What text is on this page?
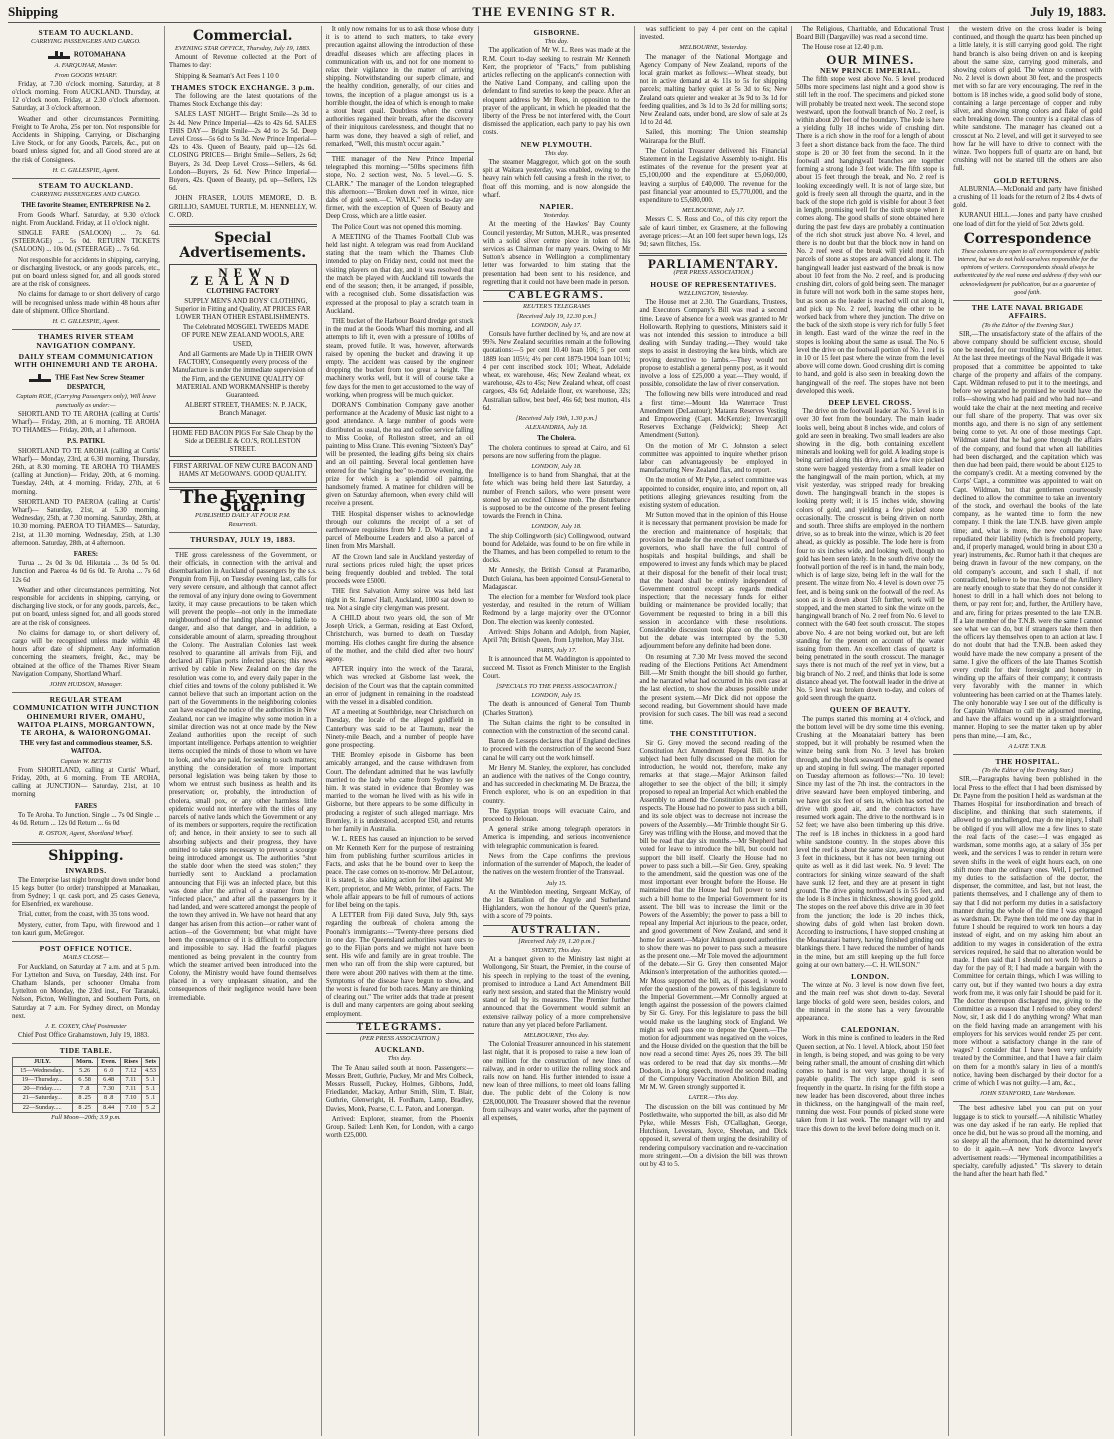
Shipping	THE EVENING ST R.	July 19, 1883.
STEAM TO AUCKLAND.
CARRYING PASSENGERS AND CARGO.
ROTOMAHANA
A. FARQUHAR, Master.
From GOODS WHARF.

Friday, at 7.30 o'clock morning. Saturday, at 8 o'clock morning. From AUCKLAND. Thursday, at 12 o'clock noon. Friday, at 2.30 o'clock afternoon. Saturday, at 3 o'clock afternoon.

Weather and other circumstances Permitting. Freight to Te Aroha, 25s per ton. Not responsible for Accidents in Shipping, Carrying, or Discharging Live Stock, or for any Goods, Parcels, &c., put on board unless signed for, and all Good stored are at the risk of Consignees.

H. C. GILLESPIE, Agent.
STEAM TO AUCKLAND.
CARRYING PASSENGERS AND CARGO.
THE favorite Steamer, ENTERPRISE No 2.

From Goods Wharf. Saturday, at 9.30 o'clock night. From Auckland. Friday, at 11 o'clock night.

SINGLE FARE (SALOON) ... 7s 6d. (STEERAGE) ... 5s 0d. RETURN TICKETS (SALOON) ... 10s 0d. (STEERAGE) ... 7s 6d.

Not responsible for accidents in shipping, carrying, or discharging livestock, or any goods parcels, etc., put on board unless signed for, and all goods stored are at the risk of consignees.

No claims for damage to or short delivery of cargo will be recognised unless made within 48 hours after date of shipment. Office Shortland.

H. C. GILLESPIE, Agent.
THAMES RIVER STEAM NAVIGATION COMPANY.
DAILY STEAM COMMUNICATION WITH OHINEMURI AND TE AROHA.
THE Fast New Screw Steamer DESPATCH,
Captain ROE, (Carrying Passengers only), Will leave punctually as under:—

SHORTLAND TO TE AROHA (calling at Curtis' Wharf)— Friday, 20th, at 6 morning. TE AROHA TO THAMES— Friday, 20th, at 1 afternoon.

P.S. PATIKI.

SHORTLAND TO TE AROHA (calling at Curtis' Wharf)— Monday, 23rd, at 6.30 morning. Thursday, 26th, at 8.30 morning. TE AROHA TO THAMES (calling at Junction)— Friday, 20th, at 6 morning. Tuesday, 24th, at 4 morning. Friday, 27th, at 6 morning.

SHORTLAND TO PAEROA (calling at Curtis' Wharf)— Saturday, 21st, at 5.30 morning. Wednesday, 25th, at 7.30 morning. Saturday, 28th, at 10.30 morning. PAEROA TO THAMES— Saturday, 21st, at 11.30 morning. Wednesday, 25th, at 1.30 afternoon. Saturday, 28th, at 4 afternoon.

FARES:

Turua ... 2s 0d 3s 0d. Hikutaia ... 3s 0d 5s 0d. Junction and Paeroa 4s 0d 6s 0d. Te Aroha ... 7s 6d 12s 6d

Weather and other circumstances permitting. Not responsible for accidents in shipping, carrying, or discharging live stock, or for any goods, parcels, &c., put on board, unless signed for, and all goods stored are at the risk of consignees.

No claims for damage to, or short delivery of, cargo will be recognised unless made within 48 hours after date of shipment. Any information concerning the steamers, freight, &c., may be obtained at the office of the Thames River Steam Navigation Company, Shortland Wharf.

JOHN HUDSON, Manager.
REGULAR STEAM COMMUNICATION WITH JUNCTION OHINEMURI RIVER, OMAHU, WAITOA PLAINS, MORGANTOWN, TE AROHA, & WAIORONGOMAI.
THE very fast and commodious steamer, S.S. WAITOA.
Captain W. BETTIS

From SHORTLAND, calling at Curtis' Wharf, Friday, 20th, at 6 morning. From TE AROHA, calling at JUNCTION— Saturday, 21st, at 10 morning

FARES

To Te Aroha. To Junction. Single ... 7s 0d Single ... 4s 0d. Return ... 12s 0d Return ... 6s 0d

R. OSTON, Agent, Shortland Wharf.
Shipping.
INWARDS.

The Enterprise last night brought down under bond 15 kegs butter (to order) transhipped at Manaakau, from Sydney; 1 qr. cask port, and 25 cases Geneva, for Elsenfried, ex warehouse.

Trial, cutter, from the coast, with 35 tons wood.

Mystery, cutter, from Tapu, with firewood and 1 ton kauri gum, McGregor.

POST OFFICE NOTICE.
MAILS CLOSE—

For Auckland, on Saturday at 7 a.m. and at 5 p.m. For Lyttelton and Suva, on Tuesday, 24th inst. For Chatham Islands, per schooner Omaha from Lyttelton on Monday, the 23rd inst., For Taranaki, Nelson, Picton, Wellington, and Southern Ports, on Saturday at 7 a.m. For Sydney direct, on Monday next.

J. E. COXEY, Chief Postmaster

Chief Post Office Grahamstown, July 19, 1883.

TIDE TABLE.
JULY.	Morn.	Even.	Rises	Sets
15—Wednesday..	5.26	6 .0	7.12	4.53
19—Thursday...	6 .58	6.48	7.11	5 .1
20—Friday......	7 .8	7.30	7.11	5 .1
21—Saturday...	8 .25	8 .8	7.10	5 .1
22—Sunday.....	8 .25	8.44	7.10	5 .2
Full Moon—20th; 3.9 p.m.
Commercial.
EVENING STAR OFFICE, Thursday, July 19, 1883.

Amount of Revenue collected at the Port of Thames to day:

Shipping & Seaman's Act Fees 1 10 0

THAMES STOCK EXCHANGE. 3 p.m.

The following are the latest quotations of the Thames Stock Exchange this day:

SALES LAST NIGHT— Bright Smile—2s 3d to 2s 4d. New Prince Imperial—42s to 42s 6d. SALES THIS DAY— Bright Smile—2s 4d to 2s 5d. Deep Level Cross—5s 6d to 5s 3d. New Prince Imperial—42s to 43s. Queen of Beauty, paid up—12s 6d. CLOSING PRICES— Bright Smile—Sellers, 2s 6d; Buyers, 2s 3d. Deep Level Cross—Sellers, 4s 6d. London—Buyers, 2s 6d. New Prince Imperial—Buyers, 42s. Queen of Beauty, pd. up—Sellers, 12s 6d.

JOHN FRASER, LOUIS MEMORE, D. B. GRILLIO, SAMUEL TURTLE, M. HENNELLY, W. C. ORD.

Special Advertisements.
NEW ZEALAND
CLOTHING FACTORY

SUPPLY MEN'S AND BOYS' CLOTHING, Superior in Fitting and Quality, AT PRICES FAR LOWER THAN OTHER ESTABLISHMENTS.

The Celebrated MOSGIEL TWEEDS MADE OF PURE NEW ZEALAND WOOLS, ARE USED,

And all Garments are Made Up in THEIR OWN FACTORY, Consequently every process of the Manufacture is under the immediate supervision of the Firm, and the GENUINE QUALITY OF MATERIAL AND WORKMANSHIP is thereby Guaranteed.

ALBERT STREET, THAMES: N. P. JACK, Branch Manager.

HOME FED BACON PIGS For Sale Cheap by the Side at DEEBLE & CO.'S, ROLLESTON STREET.
FIRST ARRIVAL OF NEW CURE BACON AND HAMS AT McGOWAN'S. GOOD QUALITY.
The Evening Star.
PUBLISHED DAILY AT FOUR P.M.
Resurrexit.
THURSDAY, JULY 19, 1883.

THE gross carelessness of the Government, or their officials, in connection with the arrival and disembarkation in Auckland of passengers by the s.s. Penguin from Fiji, on Tuesday evening last, calls for very severe censure, and although that cannot affect the removal of any injury done owing to Government laxity, it may cause precautions to be taken which will prevent the people—not only in the immediate neighbourhood of the landing place—being liable to danger, and also that danger, and in addition, a considerable amount of alarm, spreading throughout the Colony. The Australian Colonies last week resolved to quarantine all arrivals from Fiji, and declared all Fijian ports infected places; this news arrived by cable in New Zealand on the day the resolution was come to, and every daily paper in the chief cities and towns of the colony published it. We cannot believe that such an important action on the part of the Governments in the neighboring colonies can have escaped the notice of the authorities in New Zealand, nor can we imagine why some motion in a similar direction was not at once made by the New Zealand authorities upon the receipt of such important intelligence. Perhaps attention to weightier items occupied the minds of those to whom we have to look, and who are paid, for seeing to such matters; anything the consideration of more important personal legislation was being taken by those to whom we entrust such business as health and its preservation; or, probably, the introduction of cholera, small pox, or any other harmless little epidemic would not interfere with the titles of any parcels of native lands which the Government or any of its members or supporters, require the rectification of; and hence, in their anxiety to see to such all absorbing subjects and their progress, they have omitted to take steps necessary to prevent a scourge being introduced amongst us. The authorities "shut the stable door when the steed was stolen;" they hurriedly sent to Auckland a proclamation announcing that Fiji was an infected place, but this was done after the arrival of a steamer from the "infected place," and after all the passengers by it had landed, and were scattered amongst the people of the town they arrived in. We have not heard that any danger has arisen from this action—or rather want of action—of the Government; but what might have been the consequence of it is difficult to conjecture and impossible to say. Had the fearful plagues mentioned as being prevalent in the country from which the steamer arrived been introduced into the Colony, the Ministry would have found themselves placed in a very unpleasant situation, and the consequences of their negligence would have been irremediable.

It only now remains for us to ask those whose duty it is to attend to such matters, to take every precaution against allowing the introduction of these dreadful diseases which are affecting places in communication with us, and not for one moment to relax their vigilance in the matter of arriving shipping. Notwithstanding our superb climate, and the healthy condition, generally, of our cities and towns, the inception of a plague amongst us is a horrible thought, the idea of which is enough to make a stout heart quail. Doubtless when the central authorities regained their breath, after the discovery of their iniquitous carelessness, and thought that no harm was done, they heaved a sigh of relief, and remarked, "Well, this mustn't occur again."

THE manager of the New Prince Imperial telegraphed this morning:—"50lbs specimens fifth stope, No. 2 section west, No. 5 level.—G. S. CLARK." The manager of the London telegraphed this afternoon:—"Broken down reef in winze, nice dabs of gold seen.—C. WALK." Stocks to-day are firmer, with the exception of Queen of Beauty and Deep Cross, which are a little easier.

The Police Court was not opened this morning.

A MEETING of the Thames Football Club was held last night. A telegram was read from Auckland stating that the team which the Thames Club intended to play on Friday next, could not meet the visiting players on that day, and it was resolved that the match be played with Auckland till towards the end of the season; then, it be arranged, if possible, with a recognised club. Some dissatisfaction was expressed at the proposal to play a scratch team in Auckland.

THE bucket of the Harbour Board dredge got stuck in the mud at the Goods Wharf this morning, and all attempts to lift it, even with a pressure of 100lbs of steam, proved futile. It was, however, afterwards raised by opening the bucket and drawing it up empty. The accident was caused by the engineer dropping the bucket from too great a height. The machinery works well, but it will of course take a few days for the men to get accustomed to the way of working, when progress will be much quicker.

DORAN'S Combination Company gave another performance at the Academy of Music last night to a good attendance. A large number of goods were distributed as usual, the tea and coffee service falling to Miss Cooke, of Rolleston street, and an oil painting to Miss Crane. This evening "Sixteen's Day" will be presented, the leading gifts being six chairs and an oil painting. Several local gentlemen have entered for the "singing bee" to-morrow evening, the prize for which is a splendid oil painting, handsomely framed. A matinee for children will be given on Saturday afternoon, when every child will receive a present.

THE Hospital dispenser wishes to acknowledge through our columns the receipt of a set of earthenware requisites from Mr J. D. Walker, and a parcel of Melbourne Leaders and also a parcel of linen from Mrs Marshall.

AT the Crown land sale in Auckland yesterday of rural sections prices ruled high; the upset prices being frequently doubled and trebled. The total proceeds were £5000.

THE first Salvation Army soiree was held last night in St. James' Hall, Auckland, 1000 sat down to tea. Not a single city clergyman was present.

A CHILD about two years old, the son of Mr Joseph Urick, a German, residing at East Oxford, Christchurch, was burned to death on Tuesday morning. His clothes caught fire during the absence of the mother, and the child died after two hours' agony.

AFTER inquiry into the wreck of the Tararai, which was wrecked at Gisborne last week, the decision of the Court was that the captain committed an error of judgment in remaining in the roadstead with the vessel in a disabled condition.

AT a meeting at Southbridge, near Christchurch on Tuesday, the locale of the alleged goldfield in Canterbury was said to be at Taumutu, near the Ninety-mile Beach, and a number of people have gone prospecting.

THE Bromley episode in Gisborne has been amicably arranged, and the cause withdrawn from Court. The defendant admitted that he was lawfully married to the lady who came from Sydney to see him. It was stated in evidence that Bromley was married to the woman he lived with as his wife in Gisborne, but there appears to be some difficulty in producing a register of such alleged marriage. Mrs Bromley, it is understood, accepted £50, and returns to her family in Australia.

W. L. REES has caused an injunction to be served on Mr Kenneth Kerr for the purpose of restraining him from publishing further scurrilous articles in Facts, and asks that he be bound over to keep the peace. The case comes on to-morrow. Mr DeLautour, it is stated, is also taking action for libel against Mr Kerr, proprietor, and Mr Webb, printer, of Facts. The whole affair appears to be full of rumours of actions for libel being on the tapis.

A LETTER from Fiji dated Suva, July 9th, says regarding the outbreak of cholera among the Poonah's immigrants:—"Twenty-three persons died in one day. The Queensland authorities want ours to go to the Fijian ports and we might not have been sent. His wife and family are in great trouble. The men who ran off from the ship were captured, but there were about 200 natives with them at the time. Symptoms of the disease have begun to show, and the worst is feared for both races. Many are thinking of clearing out." The writer adds that trade at present is dull and many carpenters are going about seeking employment.

TELEGRAMS.
(PER PRESS ASSOCIATION.)
AUCKLAND.
This day.

The Te Anau sailed south at noon. Passengers:—Messrs Brett, Guthrie, Puckey, Mr and Mrs Colbeck, Messrs Russell, Puckey, Holmes, Gibbons, Judd, Friedlander, Mackay, Arthur Smith, Slim, T. Blair, Guthrie, Glenwright, H. Fordham, Lamp, Bradley, Davies, Monk, Pearse, C. L. Paton, and Lonergan.

Arrived: Explorer, steamer, from the Phoenix Group. Sailed: Lenh Ken, for London, with a cargo worth £25,000.

GISBORNE.
This day.

The application of Mr W. L. Rees was made at the R.M. Court to-day seeking to restrain Mr Kenneth Kerr, the proprietor of "Facts," from publishing articles reflecting on the applicant's connection with the Native Land Company, and calling upon the defendant to find sureties to keep the peace. After an eloquent address by Mr Rees, in opposition to the prayer of the applicant, in which he pleaded that the liberty of the Press be not interfered with, the Court dismissed the application, each party to pay his own costs.

NEW PLYMOUTH.
This day.

The steamer Maggregor, which got on the south spit at Waitara yesterday, was enabled, owing to the heavy rain which fell causing a fresh in the river, to float off this morning, and is now alongside the wharf.

NAPIER.
Yesterday.

At the meeting of the Hawkes' Bay County Council yesterday, Mr Sutton, M.H.R., was presented with a solid silver centre piece in token of his services as Chairman for many years. Owing to Mr Sutton's absence in Wellington a complimentary letter was forwarded to him stating that the presentation had been sent to his residence, and regretting that it could not have been made in person.

CABLEGRAMS.
REUTER'S TELEGRAMS
[Received July 19, 12.30 p.m.]
LONDON, July 17.

Consuls have further declined by ⅛, and are now at 99⅞. New Zealand securities remain at the following quotations:—5 per cent 10.40 loan 106; 5 per cent 1889 loan 105½; 4½ per cent 1879-1904 loan 101½; 4 per cent inscribed stock 101; Wheat, Adelaide wheat, ex warehouse, 46s; New Zealand wheat, ex warehouse, 42s to 45s; New Zealand wheat, off coast cargoes, 43s 6d; Adelaide flour, ex warehouse, 32s; Australian tallow, best beef, 46s 6d; best mutton, 41s 6d.

[Received July 19th, 1.30 p.m.]
ALEXANDRIA, July 18.
The Cholera.

The cholera continues to spread at Cairo, and 61 persons are now suffering from the plague.

LONDON, July 18.

Intelligence is to hand from Shanghai, that at the fete which was being held there last Saturday, a number of French sailors, who were present were stoned by an excited Chinese mob. The disturbance is supposed to be the outcome of the present feeling towards the French in China.

LONDON, July 18.

The ship Collingworth (sic) Collingwood, outward bound for Adelaide, was found to be on fire while in the Thames, and has been compelled to return to the docks.

Mr Annesly, the British Consul at Paramaribo, Dutch Guiana, has been appointed Consul-General to Madagascar.

The election for a member for Wexford took place yesterday, and resulted in the return of William Redmond by a large majority over the O'Connor Don. The election was keenly contested.

Arrived: Ships Johann and Adolph, from Napier, April 7th; British Queen, from Lyttelton, May 31st.

PARIS, July 17.

It is announced that M. Waddington is appointed to succeed M. Tissot as French Minister to the English Court.

[SPECIALS TO THE PRESS ASSOCIATION.]
LONDON, July 15.

The death is announced of General Tom Thumb (Charles Stratton).

The Sultan claims the right to be consulted in connection with the construction of the second canal.

Baron de Lesseps declares that if England declines to proceed with the construction of the second Suez canal he will carry out the work himself.

Mr Henry M. Stanley, the explorer, has concluded an audience with the natives of the Congo country, and has succeeded in checkmating M. De Brazza, the French explorer, who is on an expedition in that country.

The Egyptian troops will evacuate Cairo, and proceed to Helouan.

A general strike among telegraph operators in America is impending, and serious inconvenience with telegraphic communication is feared.

News from the Cape confirms the previous information of the surrender of Mapoch, the leader of the natives on the western frontier of the Transvaal.

July 15.

At the Wimbledon meeting, Sergeant McKay, of the 1st Battalion of the Argyle and Sutherland Highlanders, won the honour of the Queen's prize, with a score of 79 points.

AUSTRALIAN.
[Received July 19, 1.20 p.m.]
SYDNEY, This day.

At a banquet given to the Ministry last night at Wollongong, Sir Stuart, the Premier, in the course of his speech in replying to the toast of the evening, promised to introduce a Land Act Amendment Bill early next session, and stated that the Ministry would stand or fall by its measures. The Premier further announced that the Government would submit an extensive railway policy of a more comprehensive nature than any yet placed before Parliament.

MELBOURNE, This day.

The Colonial Treasurer announced in his statement last night, that it is proposed to raise a new loan of one million for the construction of new lines of railway, and in order to utilize the rolling stock and rails now on hand. His further intended to issue a new loan of three millions, to meet old loans falling due. The public debt of the Colony is now £28,000,000. The Treasurer showed that the revenue from railways and water works, after the payment of all expenses,

was sufficient to pay 4 per cent on the capital invested.

MELBOURNE, Yesterday.

The manager of the National Mortgage and Agency Company of New Zealand, reports of the local grain market as follows:—Wheat steady, but not in active demand at 4s 11s to 5s for shipping parcels; malting barley quiet at 5s 3d to 6s; New Zealand oats quieter and weaker at 3s 9d to 3s 1d for feeding qualities, and 3s 1d to 3s 2d for milling sorts; New Zealand oats, under bond, are slow of sale at 2s 1d to 2d 4d.

Sailed, this morning: The Union steamship Wairarapa for the Bluff.

The Colonial Treasurer delivered his Financial Statement in the Legislative Assembly to-night. His estimates of the revenue for the present year at £5,100,000 and the expenditure at £5,060,000, leaving a surplus of £40,000. The revenue for the past financial year amounted to £5,770,000, and the expenditure to £5,680,000.

MELBOURNE, July 17.

Messrs C. S. Ross and Co., of this city report the sale of kauri timber, ex Grasmere, at the following average prices:—At an 100 feet super hewn logs, 12s 9d; sawn flitches, 15s.

PARLIAMENTARY.
(PER PRESS ASSOCIATION.)
HOUSE OF REPRESENTATIVES.
WELLINGTON, Yesterday.

The House met at 2.30. The Guardians, Trustees, and Executors Company's Bill was read a second time. Leave of absence for a week was granted to Mr Hollowarth. Replying to questions, Ministers said it was not intended this session to introduce a bill dealing with Sunday trading.—They would take steps to assist in destroying the kea birds, which are proving destructive to lambs.—They would not propose to establish a general penny post, as it would involve a loss of £25,000 a year.—They would, if possible, consolidate the law of river conservation.

The following new bills were introduced and read a first time:—Mount Ida Waterrace Trust Amendment (DeLautour); Mataura Reserves Vesting and Empowering (Capt. McKenzie); Invercargill Reserves Exchange (Feldwick); Sheep Act Amendment (Sutton).

On the motion of Mr C. Johnston a select committee was appointed to inquire whether prison labor can advantageously be employed in manufacturing New Zealand flax, and to report.

On the motion of Mr Pyke, a select committee was appointed to consider, enquire into, and report on, all petitions alleging grievances resulting from the existing system of education.

Mr Sutton moved that in the opinion of this House it is necessary that permanent provision be made for the erection and maintenance of hospitals; that provision be made for the erection of local boards of governors, who shall have the full control of hospitals and hospital buildings, and shall be empowered to invest any funds which may be placed at their disposal for the benefit of their local trust; that the board shall be entirely independent of Government control except as regards medical inspection; that the necessary funds for either building or maintenance be provided locally; that Government be requested to bring in a bill this session in accordance with these resolutions. Considerable discussion took place on the motion, but the debate was interrupted by the 5.30 adjournment before any definite had been done.

On resuming at 7.30 Mr Ivess moved the second reading of the Elections Petitions Act Amendment Bill.—Mr Smith thought the bill should go further, and he narrated what had occurred in his own case at the last election, to show the abuses possible under the present system.—Mr Dick did not oppose the second reading, but Government should have made provision for such cases. The bill was read a second time.

THE CONSTITUTION.

Sir G. Grey moved the second reading of the Constitution Act Amendment Repeal Bill. As the subject had been fully discussed on the motion for introduction, he would not, therefore, make any remarks at that stage.—Major Atkinson failed altogether to see the object of the bill; it simply proposed to repeal an Imperial Act which enabled the Assembly to amend the Constitution Act in certain respects. The House had no power to pass such a bill, and its sole object was to decrease not increase the powers of the Assembly.—Mr Trimble thought Sir G. Grey was trifling with the House, and moved that the bill be read that day six months.—Mr Shepherd had voted for leave to introduce the bill, but could not support the bill itself. Clearly the House had no power to pass such a bill.—Sir Geo. Grey, speaking to the amendment, said the question was one of the most important ever brought before the House. He maintained that the House had full power to send such a bill home to the Imperial Government for its assent. The bill was to increase the limit or the Powers of the Assembly; the power to pass a bill to repeal any Imperial Act injurious to the peace, order, and good government of New Zealand, and send it home for assent.—Major Atkinson quoted authorities to show there was no power to pass such a measure as the present one.—Mr Tole moved the adjournment of the debate.—Sir G. Grey then consented Major Atkinson's interpretation of the authorities quoted.—Mr Moss supported the bill, as, if passed, it would refer the question of the powers of this legislature to the Imperial Government.—Mr Connolly argued at length against the possession of the powers claimed by Sir G. Grey. For this legislature to pass the bill would make us the laughing stock of England. We might as well pass one to depose the Queen.—The motion for adjournment was negatived on the voices, and the House divided on the question that the bill be now read a second time: Ayes 26, noes 39. The bill was ordered to be read that day six months.—Mr Dodson, in a long speech, moved the second reading of the Compulsory Vaccination Abolition Bill, and Mr M. W. Green strongly supported it.

LATER.—This day.

The discussion on the bill was continued by Mr Postlethwaite, who supported the bill, as also did Mr Pyke, while Messrs Fish, O'Callaghan, George, Hutchison, Levestam, Joyce, Sheehan, and Dick opposed it, several of them urging the desirability of rendering compulsory vaccination and re-vaccination more stringent.—On a division the bill was thrown out by 43 to 5.

The Religious, Charitable, and Educational Trust Board Bill (Dargaville) was read a second time.

The House rose at 12.40 p.m.

OUR MINES.
NEW PRINCE IMPERIAL.

The fifth stope west above No. 5 level produced 50lbs more specimens last night and a good show is still left in the roof. The specimens and picked stone will probably be treated next week. The second stope westward, upon the footwall branch of No. 2 reef, is within about 20 feet of the boundary. The lode is here a yielding fully 18 inches wide of crushing dirt. There is a rich show in the roof for a length of about 3 feet a short distance back from the face. The third stope is 20 or 30 feet from the second. In it the footwall and hangingwall branches are together forming a strong lode 3 feet wide. The fifth stope is about 15 feet through the break, and No. 2 reef is looking exceedingly well. It is not of large size, but gold is freely seen all through the quartz, and in the back of the stope rich gold is visible for about 3 feet in length, promising well for the sixth stope when it comes along. The good shalls of stone obtained here during the past few days are probably a continuation of the rich shot struck just above No. 4 level, and there is no doubt but that the block now in hand on No. 2 reef west of the break will yield more rich parcels of stone as stopes are advanced along it. The hangingwall leader just eastward of the break is now about 10 feet from the No. 2 reef, and is producing crushing dirt, colors of gold being seen. The manager in future will not work both in the same stopes here, but as soon as the leader is reached will cut along it, and pick up No. 2 reef, leaving the other to be worked back from where they junction. The drive on the back of the sixth stope is very rich for fully 5 feet in length. East ward of the winze the reef in the stopes is looking about the same as usual. The No. 6 level the drive on the footwall portion of No. 1 reef is in 10 or 15 feet past where the winze from the level above will come down. Good crushing dirt is coming to hand, and gold is also seen in breaking down the hangingwall of the reef. The stopes have not been developed this week.

DEEP LEVEL CROSS.

The drive on the footwall leader at No. 5 level is in over 30 feet from the boundary. The main leader looks well, being about 8 inches wide, and colors of gold are seen in breaking. Two small leaders are also showing in the dig, both containing excellent minerals and looking well for gold. A leading stope is being carried along this drive, and a few nice picked stone were bagged yesterday from a small leader on the hangingwall of the main portion, which, at my visit yesterday, was stripped ready for breaking down. The hangingwall branch in the stopes is looking pretty well; it is 15 inches wide, showing colors of gold, and yielding a few picked stone occasionally. The crosscut is being driven on north and south. Three shifts are employed in the northern drive, so as to break into the winze, which is 20 feet ahead, as quickly as possible. The lode here is from four to six inches wide, and looking well, though no gold has been seen lately. In the south drive only the footwall portion of the reef is in hand, the main body, which is of large size, being left in the wall for the present. The winze from No. 4 level is down over 75 feet, and is being sunk on the footwall of the reef. As soon as it is down about 15ft further, work will be stopped, and the men started to sink the winze on the hangingwall branch of No. 2 reef from No. 6 level to connect with the 640 feet south crosscut. The stopes above No. 4 are not being worked out, but are left standing for the present on account of the water issuing from them. An excellent class of quartz is being penetrated in the south crosscut. The manager says there is not much of the reef yet in view, but a big branch of No. 2 reef, and thinks that lode is some distance ahead yet. The footwall leader in the drive at No. 5 level was broken down to-day, and colors of gold seen through the quartz.

QUEEN OF BEAUTY.

The pumps started this morning at 4 o'clock, and the bottom level will be dry some time this evening. Crushing at the Moanataiari battery has been stopped, but it will probably be resumed when the winze being sunk from No. 3 level has broken through, and the block seaward of the shaft is opened up and stoping in full swing. The manager reported on Tuesday afternoon as follows:—"No. 10 level: Since my last of the 7th inst. the contractors in the drive seaward have been employed timbering, and we have got six feet of sets in, which has sorted the drive with good air, and the contractors have resumed work again. The drive to the northward is in 52 feet; we have also been timbering up this drive. The reef is 18 inches in thickness in a good hard white sandstone country. In the stopes above this level the reef is about the same size, averaging about 3 feet in thickness, but it has not been turning out quite as well as it did last week. No. 9 level: The contractors for sinking winze seaward of the shaft have sunk 12 feet, and they are at present in tight ground. The drive going northward is in 55 feet, and the lode is 8 inches in thickness, showing good gold. The stopes on the reef above this drive are in 30 feet from the junction; the lode is 20 inches thick, showing dabs of gold when last broken down. According to instructions, I have stopped crushing at the Moanataiari battery, having finished grinding out blankings there. I have reduced the number of hands in the mine, but am still keeping up the full force going at our own battery.—C. H. WILSON."

LONDON.

The winze at No. 3 level is now down five feet, and the main reef was shot down to-day. Several large blocks of gold were seen, besides colors, and the mineral in the stone has a very favourable appearance.

CALEDONIAN.

Work in this mine is confined to leaders in the Red Queen section, at No. 1 level. A block, about 150 feet in length, is being stoped, and was going to be very being rather small, the amount of crushing dirt which comes to hand is not very large, though it is of payable quality. The rich stope gold is seen frequently in the quartz. In rising for the fifth stope a new leader has been discovered, about three inches in thickness, on the hangingwall of the main reef, running due west. Four pounds of picked stone were taken from it last week. The manager will try and trace this down to the level before doing much on it.

the western drive on the cross leader is being continued, and though the quartz has been pinched up a little lately, it is still carrying good gold. The right hand branch is also being driven on and is keeping about the same size, carrying good minerals, and showing colors of gold. The winze to connect with No. 2 level is down about 30 feet, and the prospects met with so far are very encouraging. The reef in the bottom is 18 inches wide, a good solid body of stone, containing a large percentage of copper and ruby silver, and showing strong colors and flake of gold each breaking down. The country is a capital class of white sandstone. The manager has cleaned out a crosscut at No. 2 level, and will get it surveyed to see how far he will have to drive to connect with the winze. Two hoppers full of quartz are on hand, but crushing will not be started till the others are also full.

GOLD RETURNS.

ALBURNIA.—McDonald and party have finished a crushing of 11 loads for the return of 2 lbs 4 dwts of gold.

KURANUI HILL.—Jones and party have crushed one load of dirt for the yield of 5oz 2dwts gold.

Correspondence

These columns are open to all correspondence of public interest, but we do not hold ourselves responsible for the opinions of writers. Correspondents should always be authenticated by the real name and address if they wish our acknowledgment for publication, but as a guarantee of good faith.

THE LATE NAVAL BRIGADE AFFAIRS.
(To the Editor of the Evening Star.)

SIR,—The unsatisfactory state of the affairs of the above company should be sufficient excuse, should one be needed, for our troubling you with this letter. At the last three meetings of the Naval Brigade it was proposed that a committee be appointed to take charge of the property and affairs of the company. Capt. Wildman refused to put it to the meetings, and before we separated he promised he would have the rolls—showing who had paid and who had not—and would take the chair at the next meeting and receive our full share of the property. That was over six months ago, and there is no sign of any settlement being come to yet. At one of those meetings Capt. Wildman stated that he had gone through the affairs of the company, and found that when all liabilities had been discharged, and the capitation which was then due had been paid, there would be about £125 to the company's credit. At a meeting convened by the Corps' Capt., a committee was appointed to wait on Capt. Wildman, but that gentlemen courteously declined to allow the committee to take an inventory of the stock, and overhaul the books of the late company, as he wanted time to form the new company. I think the late T.N.B. have given ample time; and, what is more, the new company have repudiated their liability (which is freehold property, and, if properly managed, would bring in about £30 a year) instruments, &c. Rumor hath it that cheques are being drawn in favour of the new company, on the old company's account, and such I shall, if not contradicted, believe to be true. Some of the Artillery are nearly enough to state that they do not consider it honest to drill in a hall which does not belong to them, or pay rent for; and, further, the Artillery have, and are, firing for prizes presented to the late T.N.B. If a late member of the T.N.B. were the same I cannot see what we can do, but if strangers take them then the officers lay themselves open to an action at law. I do not doubt that had the T.N.B. been asked they would have made the new company a present of the same. I give the officers of the late Thames Scottish every credit for their foresight and honesty in winding up the affairs of their company; it contrasts very favorably with the manner in which volunteering has been carried on at the Thames lately. The only honorable way I see out of the difficulty is for Captain Wildman to call the adjourned meeting, and have the affairs wound up in a straightforward manner. Hoping to see the matter taken up by abler pens than mine,—I am, &c.,

A LATE T.N.B.
THE HOSPITAL.
(To the Editor of the Evening Star.)

SIR,—Paragraphs having been published in the local Press to the effect that I had been dismissed by Dr. Payne from the position I held as wardsman at the Thames Hospital for insubordination and breach of discipline, and thinking that such statements, if allowed to go unchallenged, may do me injury, I shall be obliged if you will allow me a few lines to state the real facts of the case:—I was engaged as wardsman, some months ago, at a salary of 35s per week, and the services I was to render in return were seven shifts in the week of eight hours each, on one shift more than the ordinary ones. Well, I performed my duties to the satisfaction of the doctor, the dispenser, the committee, and last, but not least, the patients themselves, and I challenge any of them to say that I did not perform my duties in a satisfactory manner during the whole of the time I was engaged as wardsman. Dr. Payne then told me one day that in future I should be required to work ten hours a day instead of eight, and on my asking him about an addition to my wages in consideration of the extra services required, he said that no alteration would be made. I then said that I should not work 10 hours a day for the pay of 8; I had made a bargain with the Committee for certain things, which I was willing to carry out, but if they wanted two hours a day extra work from me, it was only fair I should be paid for it. The doctor thereupon discharged me, giving to the Committee as a reason that I refused to obey orders! Now, sir, I ask did I do anything wrong? What man on the field having made an arrangement with his employers for his services would render 25 per cent. more without a satisfactory change in the rate of wages? I consider that I have been very unfairly treated by the Committee, and that I have a fair claim on them for a month's salary in lieu of a month's notice, having been discharged by their doctor for a crime of which I was not guilty.—I am, &c.,

JOHN STANFORD, Late Wardsman.

The best adhesive label you can put on your luggage is to stick to yourself.—A nihilistic Whatley was one day asked if he ran early. He replied that once he did, but he was so proud all the morning, and so sleepy all the afternoon, that he determined never to do it again.—A new York divorce lawyer's advertisement reads:—"Hymeneal incompatibilities a specialty, carefully adjusted." 'Tis slavery to detain the hand after the heart hath fled."
